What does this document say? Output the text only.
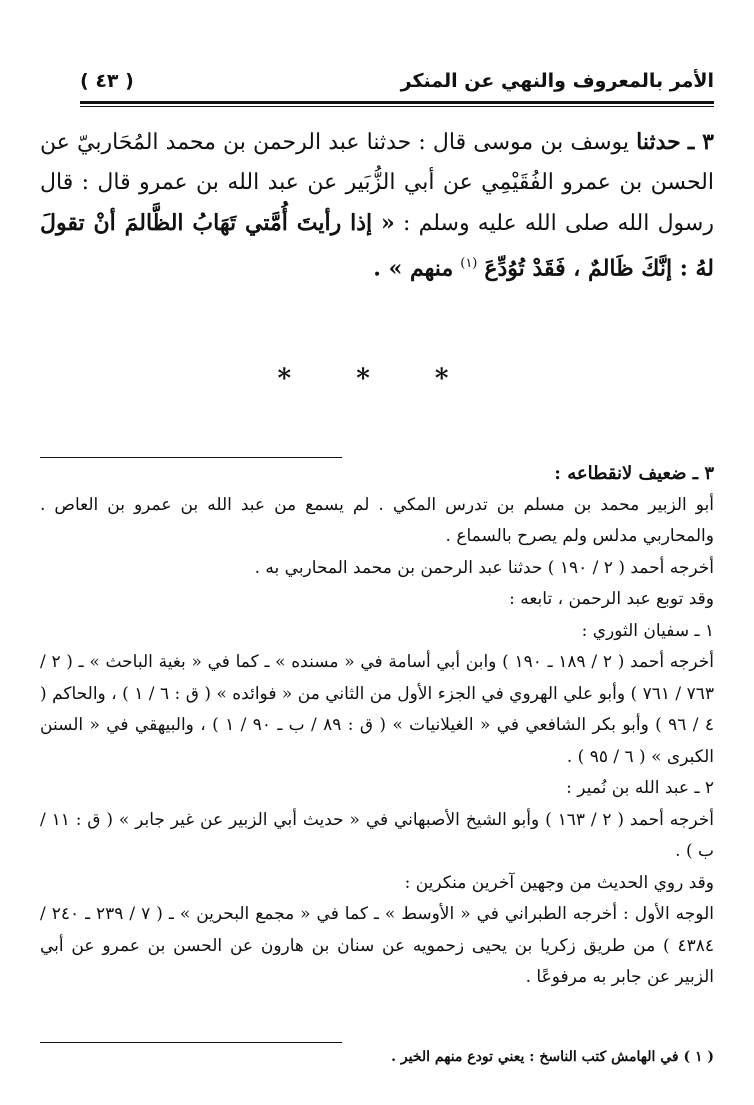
الأمر بالمعروف والنهي عن المنكر
( ٤٣ )
٣ ـ حدثنا يوسف بن موسى قال : حدثنا عبد الرحمن بن محمد المُحَاربيّ عن الحسن بن عمرو الفُقَيْمِي عن أبي الزُّبَير عن عبد الله بن عمرو قال : قال رسول الله صلى الله عليه وسلم : « إذا رأيتَ أُمَّتي تَهَابُ الظَّالمَ أنْ تقولَ لهُ : إنَّكَ ظَالمٌ ، فَقَدْ تُوُدِّعَ $^{(١)}$ منهم » .
* * *

٣ ـ ضعيف لانقطاعه :

أبو الزبير محمد بن مسلم بن تدرس المكي . لم يسمع من عبد الله بن عمرو بن العاص . والمحاربي مدلس ولم يصرح بالسماع .

أخرجه أحمد ( ٢ / ١٩٠ ) حدثنا عبد الرحمن بن محمد المحاربي به .

وقد توبع عبد الرحمن ، تابعه :

١ ـ سفيان الثوري :

أخرجه أحمد ( ٢ / ١٨٩ ـ ١٩٠ ) وابن أبي أسامة في « مسنده » ـ كما في « بغية الباحث » ـ ( ٢ / ٧٦٣ / ٧٦١ ) وأبو علي الهروي في الجزء الأول من الثاني من « فوائده » ( ق : ٦ / ١ ) ، والحاكم ( ٤ / ٩٦ ) وأبو بكر الشافعي في « الغيلانيات » ( ق : ٨٩ / ب ـ ٩٠ / ١ ) ، والبيهقي في « السنن الكبرى » ( ٦ / ٩٥ ) .

٢ ـ عبد الله بن نُمير :

أخرجه أحمد ( ٢ / ١٦٣ ) وأبو الشيخ الأصبهاني في « حديث أبي الزبير عن غير جابر » ( ق : ١١ / ب ) .

وقد روي الحديث من وجهين آخرين منكرين :

الوجه الأول : أخرجه الطبراني في « الأوسط » ـ كما في « مجمع البحرين » ـ ( ٧ / ٢٣٩ ـ ٢٤٠ / ٤٣٨٤ ) من طريق زكريا بن يحيى زحمويه عن سنان بن هارون عن الحسن بن عمرو عن أبي الزبير عن جابر به مرفوعًا .

( ١ ) في الهامش كتب الناسخ : يعني تودع منهم الخير .
